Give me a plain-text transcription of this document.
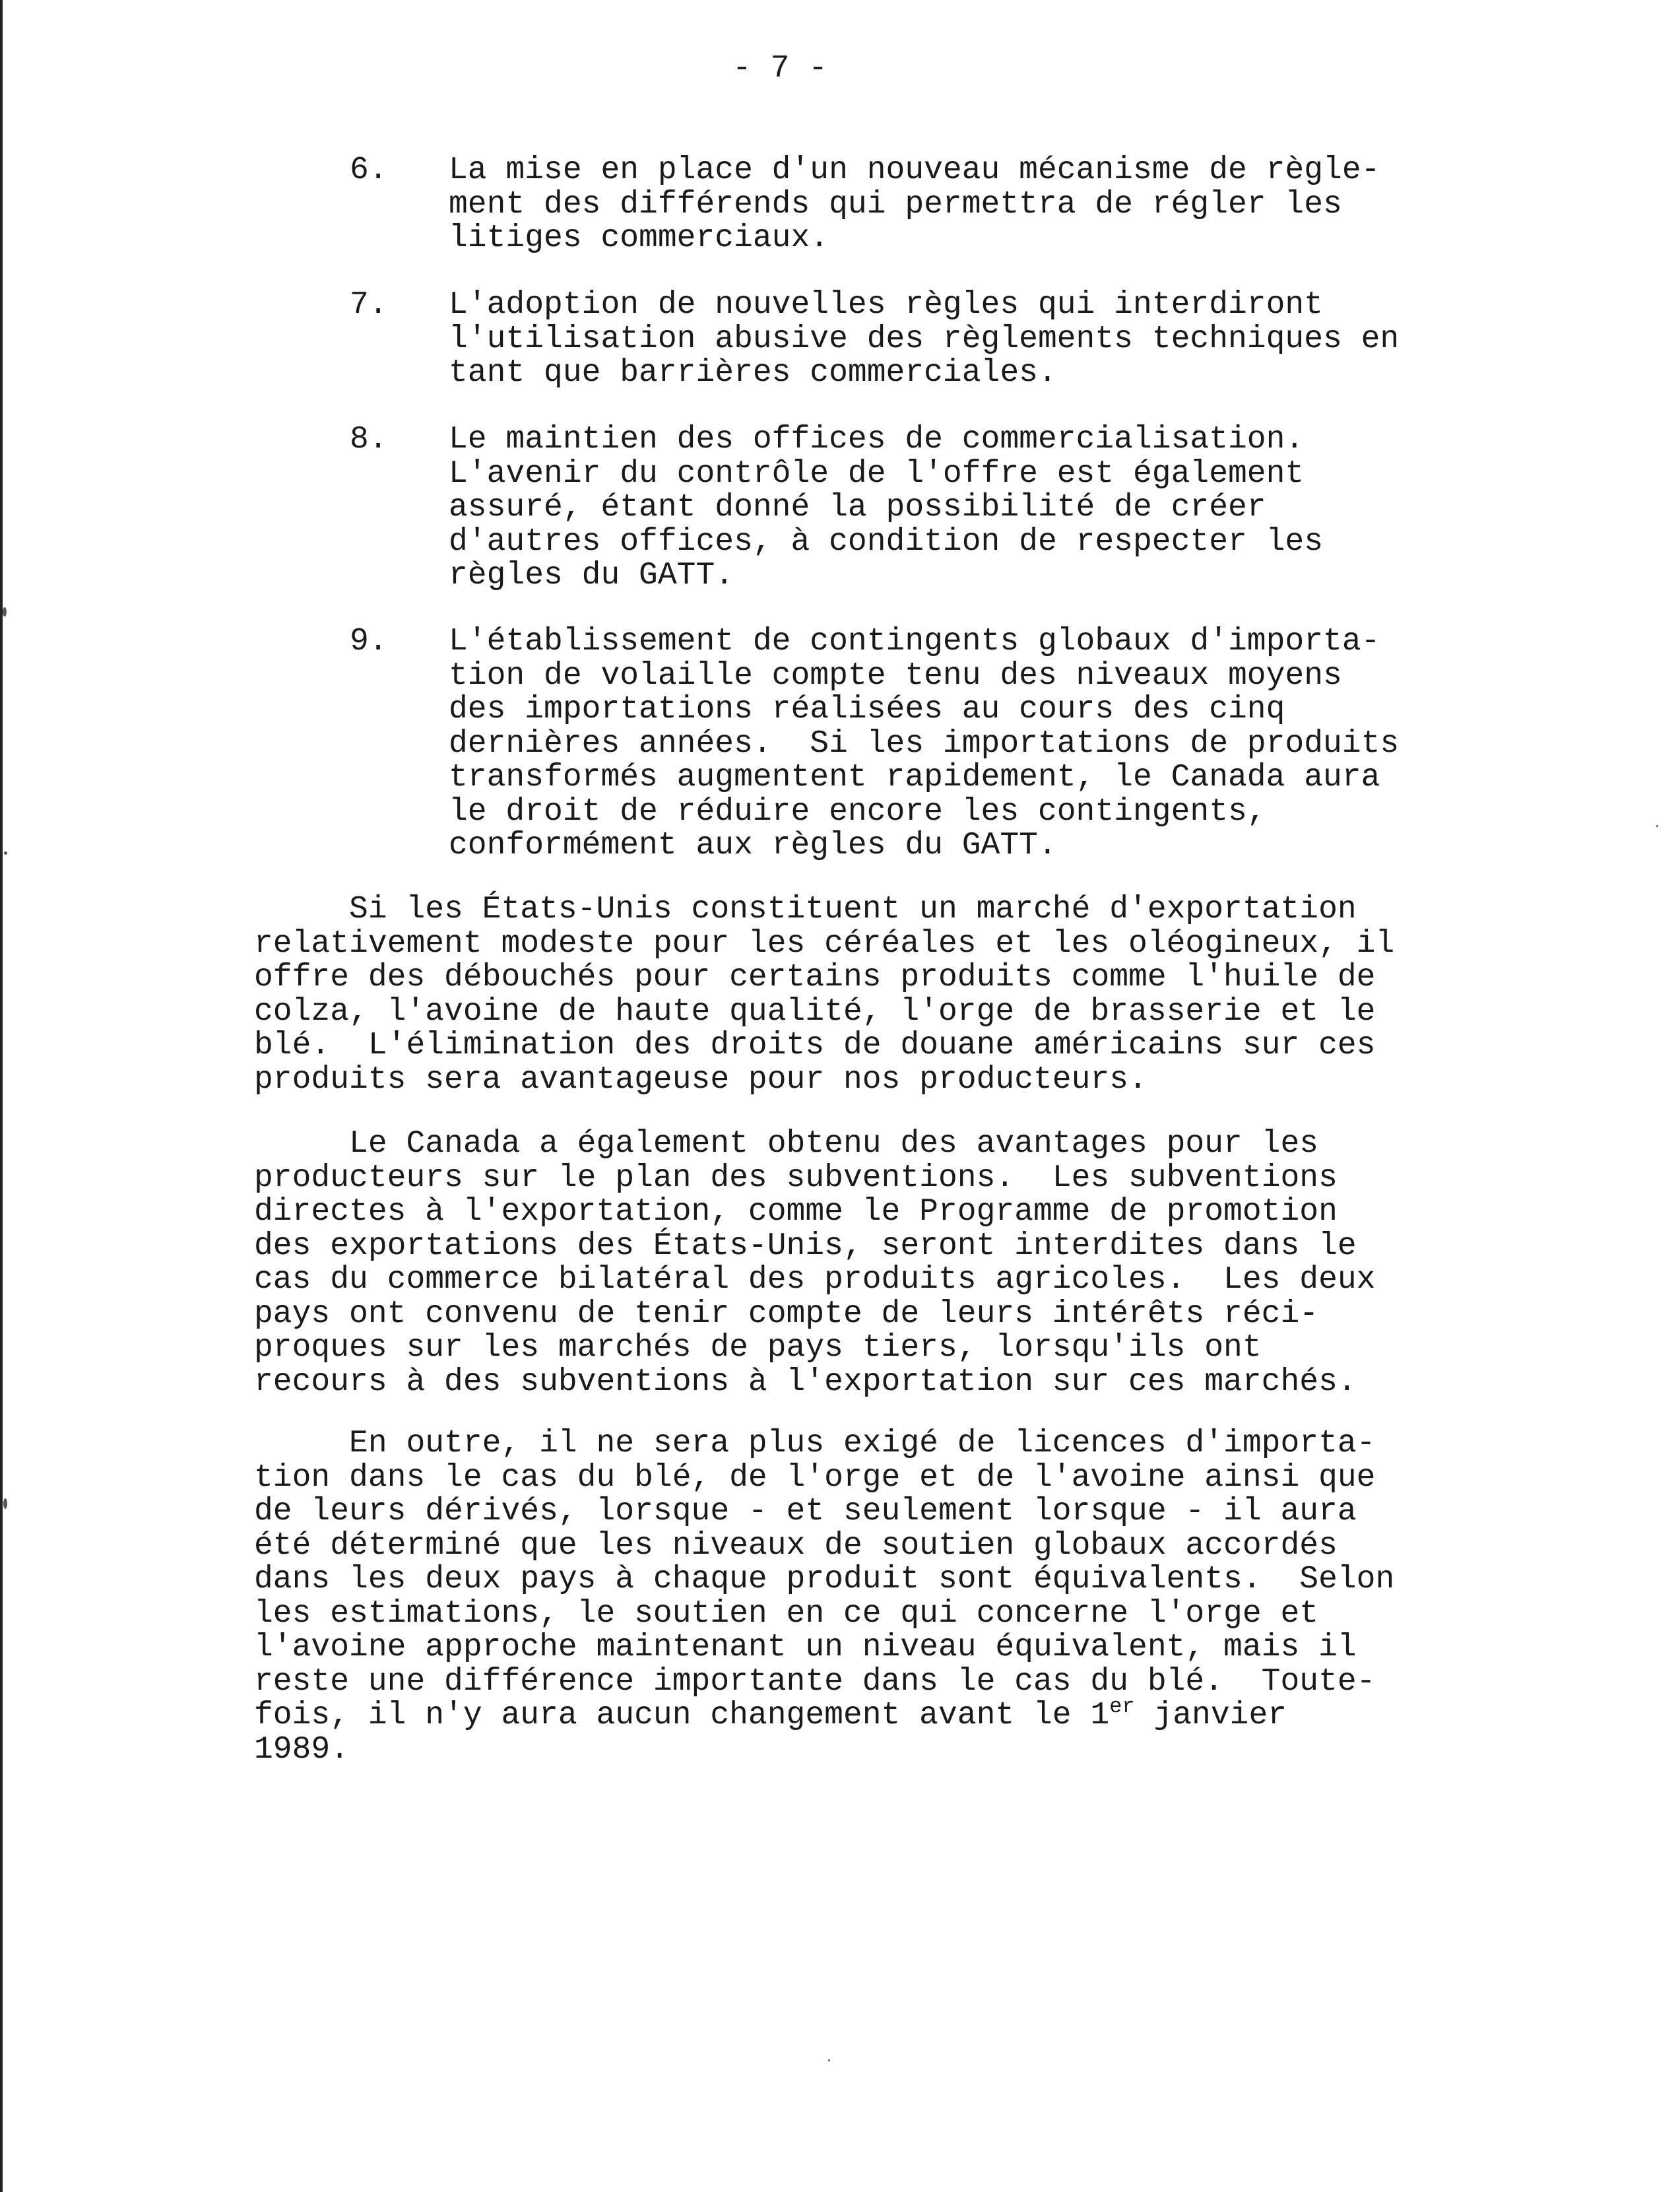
- 7 -
6.	La mise en place d'un nouveau mécanisme de règle-
ment des différends qui permettra de régler les
litiges commerciaux.
7.	L'adoption de nouvelles règles qui interdiront
l'utilisation abusive des règlements techniques en
tant que barrières commerciales.
8.	Le maintien des offices de commercialisation.
L'avenir du contrôle de l'offre est également
assuré, étant donné la possibilité de créer
d'autres offices, à condition de respecter les
règles du GATT.
9.	L'établissement de contingents globaux d'importa-
tion de volaille compte tenu des niveaux moyens
des importations réalisées au cours des cinq
dernières années.  Si les importations de produits
transformés augmentent rapidement, le Canada aura
le droit de réduire encore les contingents,
conformément aux règles du GATT.
Si les États-Unis constituent un marché d'exportation
relativement modeste pour les céréales et les oléogineux, il
offre des débouchés pour certains produits comme l'huile de
colza, l'avoine de haute qualité, l'orge de brasserie et le
blé.  L'élimination des droits de douane américains sur ces
produits sera avantageuse pour nos producteurs.
Le Canada a également obtenu des avantages pour les
producteurs sur le plan des subventions.  Les subventions
directes à l'exportation, comme le Programme de promotion
des exportations des États-Unis, seront interdites dans le
cas du commerce bilatéral des produits agricoles.  Les deux
pays ont convenu de tenir compte de leurs intérêts réci-
proques sur les marchés de pays tiers, lorsqu'ils ont
recours à des subventions à l'exportation sur ces marchés.
En outre, il ne sera plus exigé de licences d'importa-
tion dans le cas du blé, de l'orge et de l'avoine ainsi que
de leurs dérivés, lorsque - et seulement lorsque - il aura
été déterminé que les niveaux de soutien globaux accordés
dans les deux pays à chaque produit sont équivalents.  Selon
les estimations, le soutien en ce qui concerne l'orge et
l'avoine approche maintenant un niveau équivalent, mais il
reste une différence importante dans le cas du blé.  Toute-
fois, il n'y aura aucun changement avant le 1er janvier
1989.
